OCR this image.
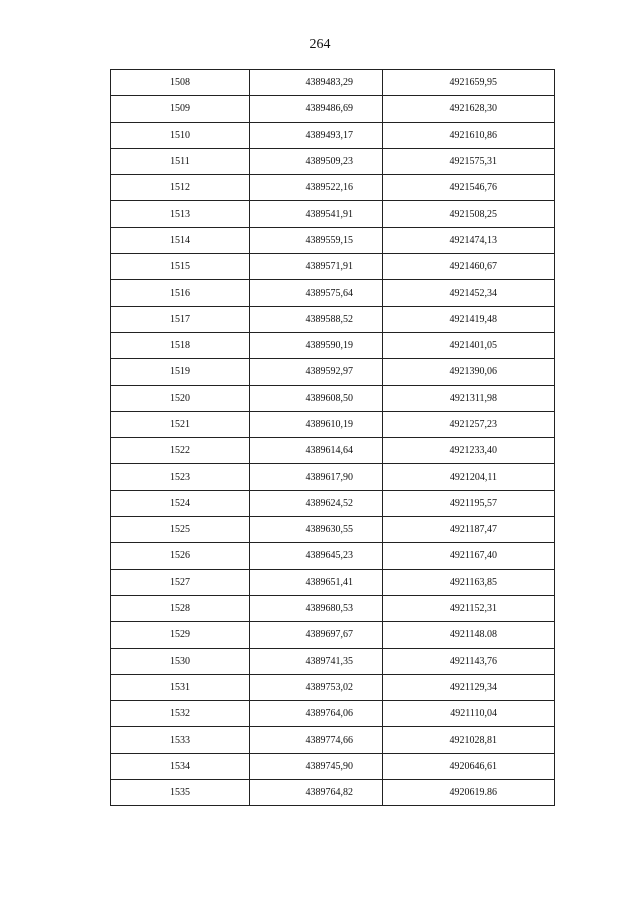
264
1508	4389483,29	4921659,95
1509	4389486,69	4921628,30
1510	4389493,17	4921610,86
1511	4389509,23	4921575,31
1512	4389522,16	4921546,76
1513	4389541,91	4921508,25
1514	4389559,15	4921474,13
1515	4389571,91	4921460,67
1516	4389575,64	4921452,34
1517	4389588,52	4921419,48
1518	4389590,19	4921401,05
1519	4389592,97	4921390,06
1520	4389608,50	4921311,98
1521	4389610,19	4921257,23
1522	4389614,64	4921233,40
1523	4389617,90	4921204,11
1524	4389624,52	4921195,57
1525	4389630,55	4921187,47
1526	4389645,23	4921167,40
1527	4389651,41	4921163,85
1528	4389680,53	4921152,31
1529	4389697,67	4921148.08
1530	4389741,35	4921143,76
1531	4389753,02	4921129,34
1532	4389764,06	4921110,04
1533	4389774,66	4921028,81
1534	4389745,90	4920646,61
1535	4389764,82	4920619.86
